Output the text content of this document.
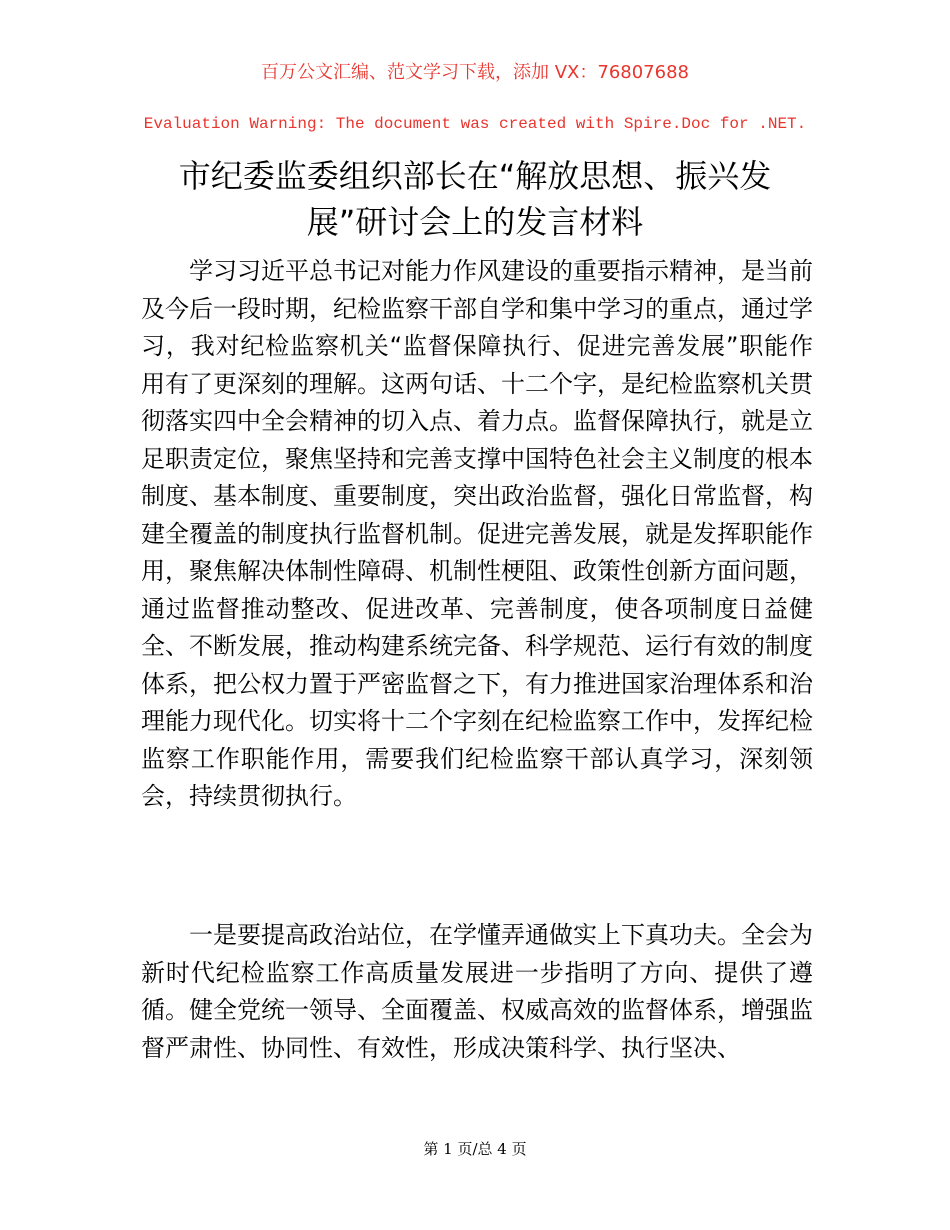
百万公文汇编、范文学习下载，添加 VX：76807688
Evaluation Warning: The document was created with Spire.Doc for .NET.
市纪委监委组织部长在“解放思想、振兴发展”研讨会上的发言材料

学习习近平总书记对能力作风建设的重要指示精神，是当前及今后一段时期，纪检监察干部自学和集中学习的重点，通过学习，我对纪检监察机关“监督保障执行、促进完善发展”职能作用有了更深刻的理解。这两句话、十二个字，是纪检监察机关贯彻落实四中全会精神的切入点、着力点。监督保障执行，就是立足职责定位，聚焦坚持和完善支撑中国特色社会主义制度的根本制度、基本制度、重要制度，突出政治监督，强化日常监督，构建全覆盖的制度执行监督机制。促进完善发展，就是发挥职能作用，聚焦解决体制性障碍、机制性梗阻、政策性创新方面问题，通过监督推动整改、促进改革、完善制度，使各项制度日益健全、不断发展，推动构建系统完备、科学规范、运行有效的制度体系，把公权力置于严密监督之下，有力推进国家治理体系和治理能力现代化。切实将十二个字刻在纪检监察工作中，发挥纪检监察工作职能作用，需要我们纪检监察干部认真学习，深刻领会，持续贯彻执行。

一是要提高政治站位，在学懂弄通做实上下真功夫。全会为新时代纪检监察工作高质量发展进一步指明了方向、提供了遵循。健全党统一领导、全面覆盖、权威高效的监督体系，增强监督严肃性、协同性、有效性，形成决策科学、执行坚决、

第 1 页/总 4 页
